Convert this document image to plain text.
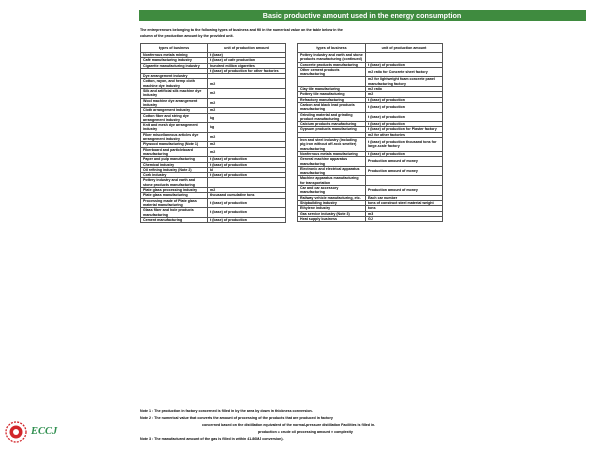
Basic productive amount used in the energy consumption
The entrepreneurs belonging to the following types of business and fill in the numerical value on the table below in the
column of the production amount by the provided unit.
types of business	unit of production amount
Nonferrous metals mining	t (base)
Café manufacturing industry	t (base) of cafe production
Cigarette manufacturing industry	hundred million cigarettes
	t (base) of production for other factories
Dye arrangement industry	
Cotton, rayon, and hemp cloth machine dye industry	m2
Silk and artificial silk machine dye industry	m2
Wool machine dye arrangement industry	m2
Cloth arrangement industry	m2
Cotton fiber and string dye arrangement industry	kg
Knit and mesh dye arrangement industry	kg
Fiber miscellaneous articles dye arrangement industry	m2
Plywood manufacturing (Note 1)	m2
Fiberboard and particleboard manufacturing	m2
Paper and pulp manufacturing	t (base) of production
Chemical industry	t (base) of production
Oil refining industry (Note 2)	kl
Cork industry	t (base) of production
Pottery industry and earth and stone products manufacturing	
Plate glass processing industry	m2
Plate glass manufacturing	thousand cumulative tons
Processing made of Plate glass material manufacturing	t (base) of production
Glass fiber and hole products manufacturing	t (base) of production
Cement manufacturing	t (base) of production
types of business	unit of production amount
Pottery industry and earth and stone products manufacturing (continued)	
Concrete products manufacturing	t (base) of production
Other cement products manufacturing	m2 ratio for Concrete sheet factory
	m2 for lightweight foam concrete panel manufacturing factory
Clay tile manufacturing	m2 ratio
Pottery tile manufacturing	m2
Refractory manufacturing	t (base) of production
Carbon and black lead products manufacturing	t (base) of production
Grinding material and grinding product manufacturing	t (base) of production
Calcium products manufacturing	t (base) of production
Gypsum products manufacturing	t (base) of production for Plaster factory
	m2 for other factories
Iron and steel industry (including pig iron without off-rock smelter) manufacturing	t (base) of production thousand tons for large-scale factory
Nonferrous metals manufacturing	t (base) of production
General machine apparatus manufacturing	Production amount of money
Electronic and electrical apparatus manufacturing	Production amount of money
Machine apparatus manufacturing for transportation	
Car and car accessory manufacturing	Production amount of money
Railway vehicle manufacturing, etc.	Each car number
Shipbuilding industry	tons of construct steel material weight
Ethylene industry	tons
Gas service industry (Note 3)	m3
Heat supply business	GJ
Note 1 : The production in factory concerned is filled in by the area by down in thickness conversion.
Note 2 : The numerical value that converts the amount of processing of the products that are produced in factory
concerned based on the distillation equivalent of the normal-pressure distillation Facilities is filled in.
production = crude oil processing amount × complexity
Note 3 : The manufactured amount of the gas is filled in within 41.86MJ conversion).
ECCJ
